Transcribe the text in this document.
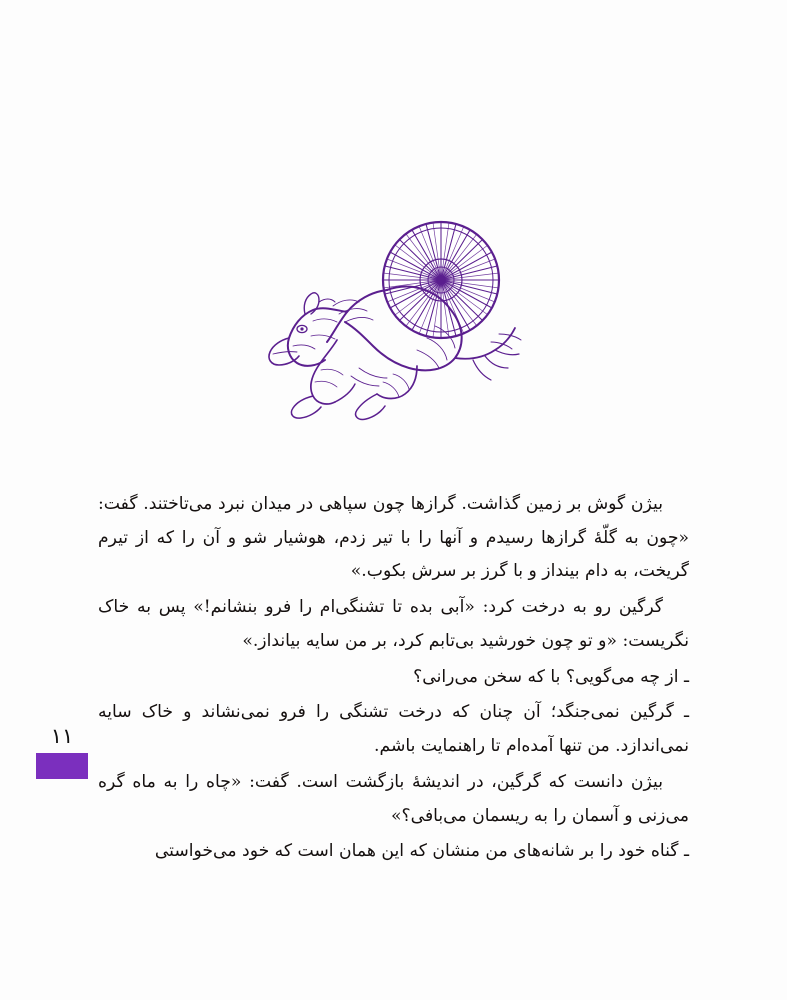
۱۱

بیژن گوش بر زمین گذاشت. گرازها چون سپاهی در میدان نبرد می‌تاختند. گفت: «چون به گلّهٔ گرازها رسیدم و آنها را با تیر زدم، هوشیار شو و آن را که از تیرم گریخت، به دام بینداز و با گرز بر سرش بکوب.»

گرگین رو به درخت کرد: «آبی بده تا تشنگی‌ام را فرو بنشانم!» پس به خاک نگریست: «و تو چون خورشید بی‌تابم کرد، بر من سایه بیانداز.»

ـ از چه می‌گویی؟ با که سخن می‌رانی؟

ـ گرگین نمی‌جنگد؛ آن چنان که درخت تشنگی را فرو نمی‌نشاند و خاک سایه نمی‌اندازد. من تنها آمده‌ام تا راهنمایت باشم.

بیژن دانست که گرگین، در اندیشهٔ بازگشت است. گفت: «چاه را به ماه گره می‌زنی و آسمان را به ریسمان می‌بافی؟»

ـ گناه خود را بر شانه‌های من منشان که این همان است که خود می‌خواستی
